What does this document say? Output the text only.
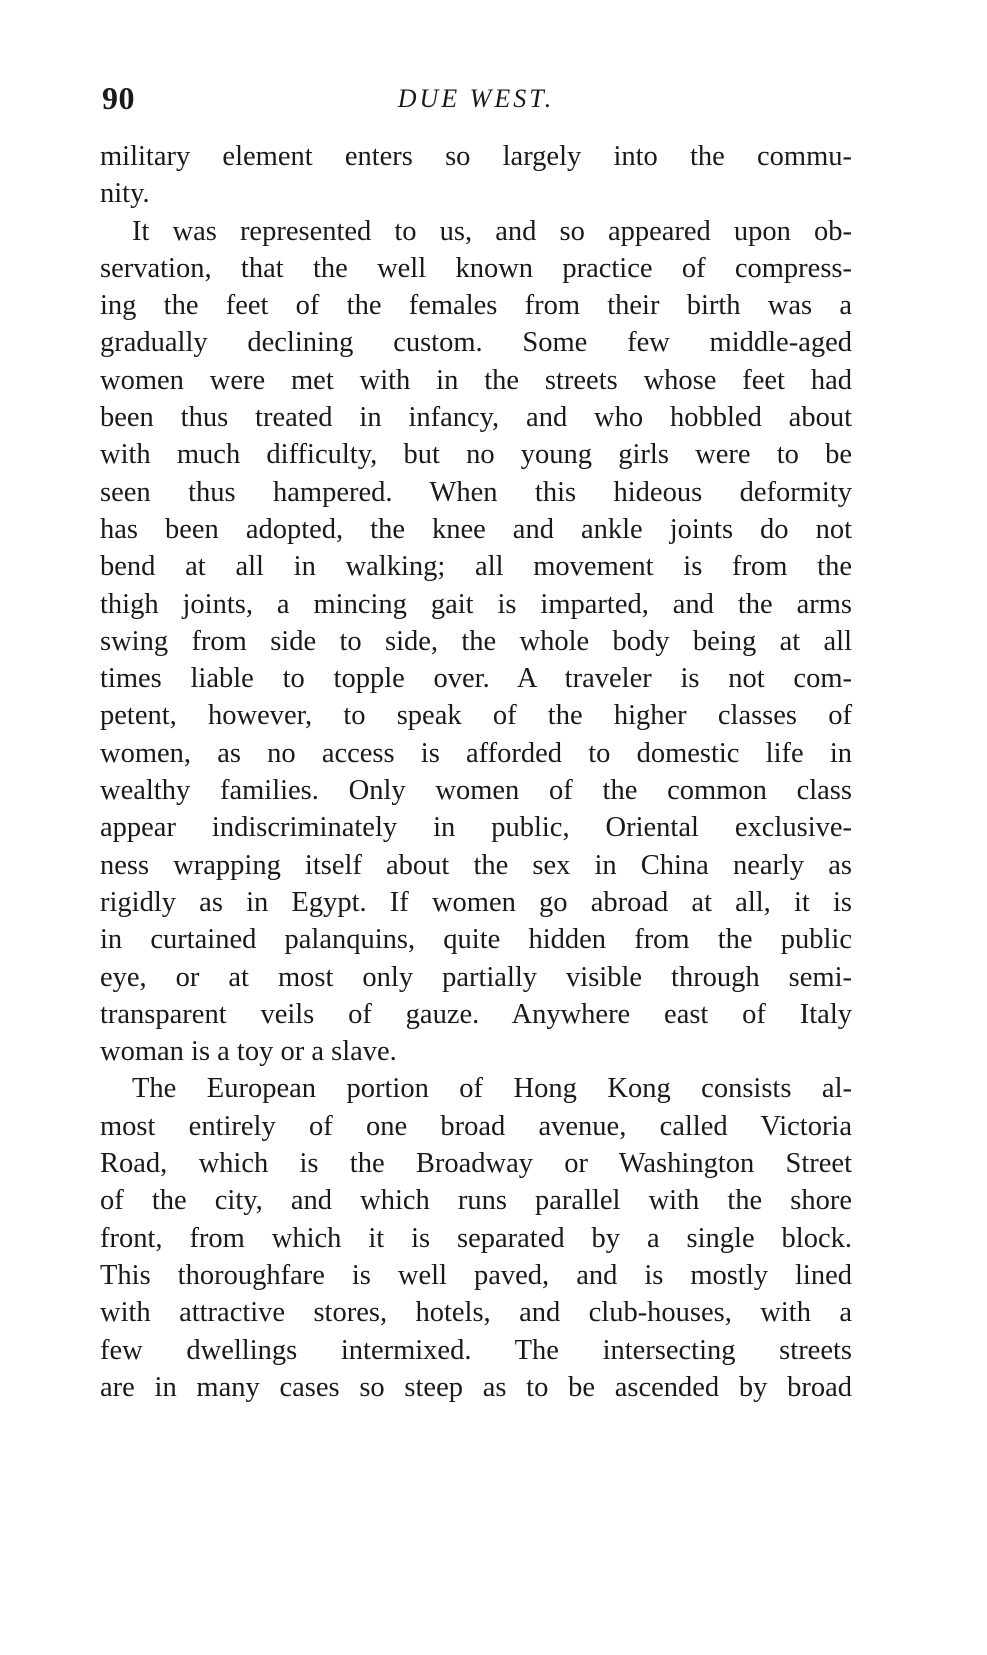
90	DUE WEST.
military element enters so largely into the commu-
nity.
It was represented to us, and so appeared upon ob-
servation, that the well known practice of compress-
ing the feet of the females from their birth was a
gradually declining custom. Some few middle-aged
women were met with in the streets whose feet had
been thus treated in infancy, and who hobbled about
with much difficulty, but no young girls were to be
seen thus hampered. When this hideous deformity
has been adopted, the knee and ankle joints do not
bend at all in walking; all movement is from the
thigh joints, a mincing gait is imparted, and the arms
swing from side to side, the whole body being at all
times liable to topple over. A traveler is not com-
petent, however, to speak of the higher classes of
women, as no access is afforded to domestic life in
wealthy families. Only women of the common class
appear indiscriminately in public, Oriental exclusive-
ness wrapping itself about the sex in China nearly as
rigidly as in Egypt. If women go abroad at all, it is
in curtained palanquins, quite hidden from the public
eye, or at most only partially visible through semi-
transparent veils of gauze. Anywhere east of Italy
woman is a toy or a slave.
The European portion of Hong Kong consists al-
most entirely of one broad avenue, called Victoria
Road, which is the Broadway or Washington Street
of the city, and which runs parallel with the shore
front, from which it is separated by a single block.
This thoroughfare is well paved, and is mostly lined
with attractive stores, hotels, and club-houses, with a
few dwellings intermixed. The intersecting streets
are in many cases so steep as to be ascended by broad
